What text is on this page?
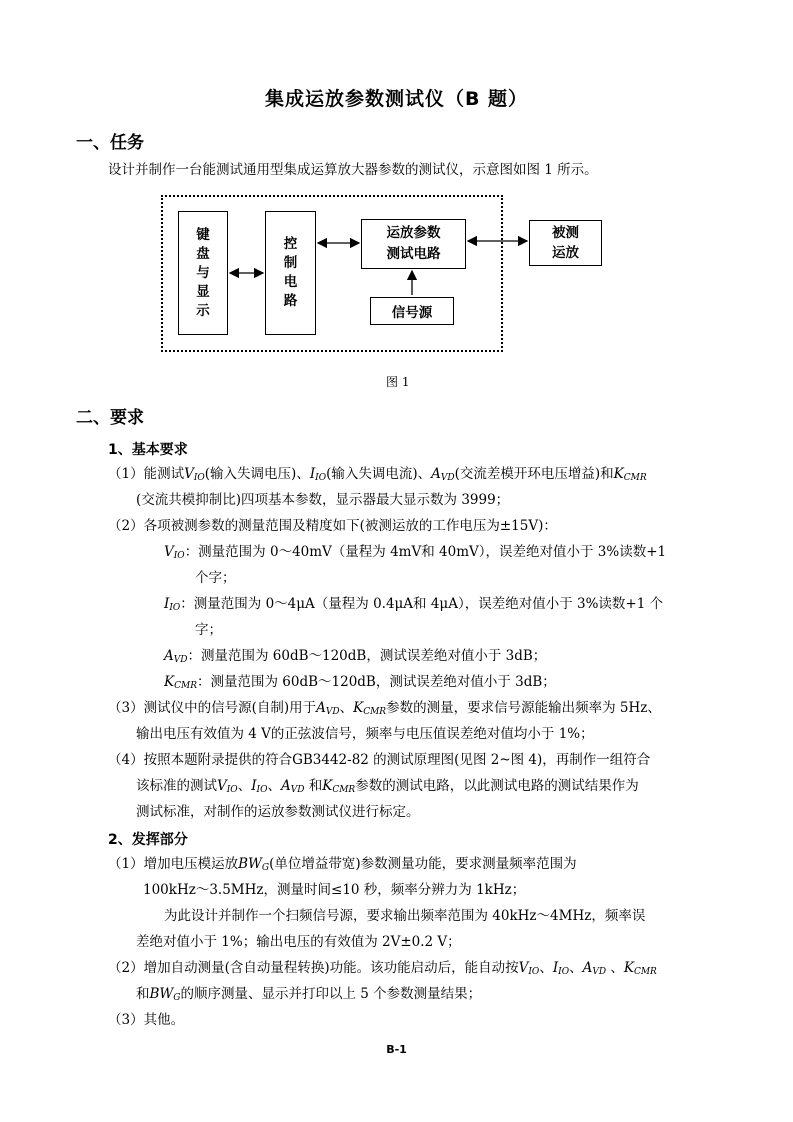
集成运放参数测试仪（B 题）
一、任务
设计并制作一台能测试通用型集成运算放大器参数的测试仪，示意图如图 1 所示。
键
盘
与
显
示
控
制
电
路
运放参数
测试电路
信号源
被测
运放
图 1
二、要求
1、基本要求
（1）能测试$V_{IO}$(输入失调电压)、$I_{IO}$(输入失调电流)、$A_{VD}$(交流差模开环电压增益)和$K_{CMR}$
(交流共模抑制比)四项基本参数，显示器最大显示数为 3999；
（2）各项被测参数的测量范围及精度如下(被测运放的工作电压为±15V)：
$V_{IO}$：测量范围为 0～40mV（量程为 4mV和 40mV），误差绝对值小于 3%读数+1
个字；
$I_{IO}$：测量范围为 0～4μA（量程为 0.4μA和 4μA），误差绝对值小于 3%读数+1 个
字；
$A_{VD}$：测量范围为 60dB～120dB，测试误差绝对值小于 3dB；
$K_{CMR}$：测量范围为 60dB～120dB，测试误差绝对值小于 3dB；
（3）测试仪中的信号源(自制)用于$A_{VD}$、$K_{CMR}$参数的测量，要求信号源能输出频率为 5Hz、
输出电压有效值为 4 V的正弦波信号，频率与电压值误差绝对值均小于 1%；
（4）按照本题附录提供的符合GB3442-82 的测试原理图(见图 2~图 4)，再制作一组符合
该标准的测试$V_{IO}$、$I_{IO}$、$A_{VD}$ 和$K_{CMR}$参数的测试电路，以此测试电路的测试结果作为
测试标准，对制作的运放参数测试仪进行标定。
2、发挥部分
（1）增加电压模运放$BW_G$(单位增益带宽)参数测量功能，要求测量频率范围为
100kHz～3.5MHz，测量时间≤10 秒，频率分辨力为 1kHz；
为此设计并制作一个扫频信号源，要求输出频率范围为 40kHz～4MHz，频率误
差绝对值小于 1%；输出电压的有效值为 2V±0.2 V；
（2）增加自动测量(含自动量程转换)功能。该功能启动后，能自动按$V_{IO}$、$I_{IO}$、$A_{VD}$ 、$K_{CMR}$
和$BW_G$的顺序测量、显示并打印以上 5 个参数测量结果；
（3）其他。
B-1
